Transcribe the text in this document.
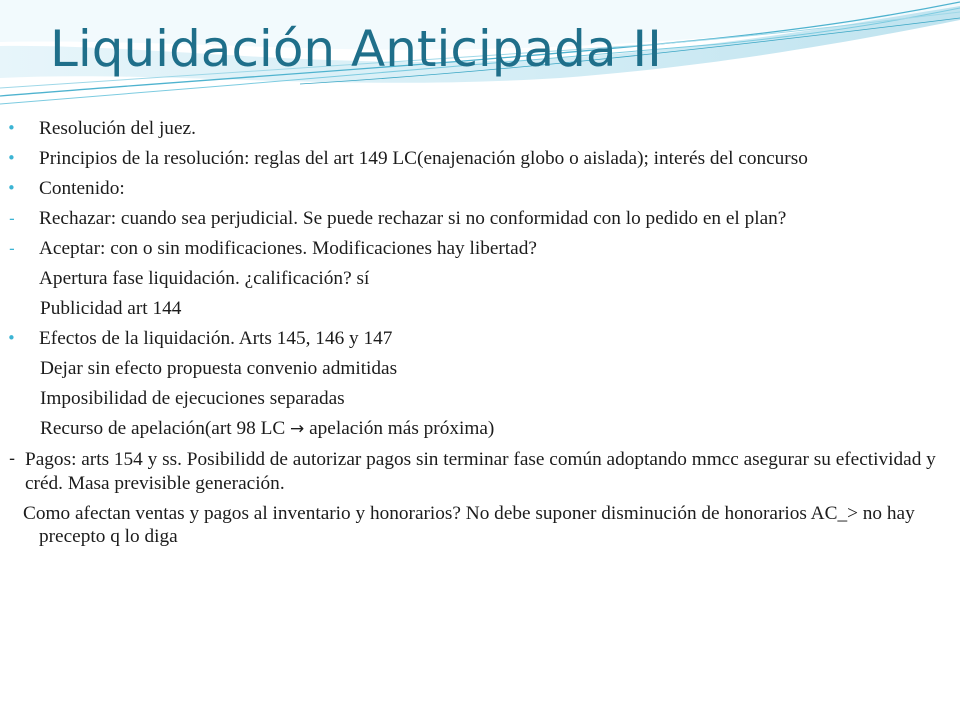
Liquidación Anticipada II
•	Resolución del juez.
•	Principios de la resolución: reglas del art 149 LC(enajenación globo o aislada); interés del concurso
•	Contenido:
-	Rechazar: cuando sea perjudicial. Se puede rechazar si no conformidad con lo pedido en el plan?
-	Aceptar: con o sin modificaciones. Modificaciones hay libertad?
Apertura fase liquidación. ¿calificación? sí
Publicidad art 144
•	Efectos de la liquidación. Arts 145, 146 y 147
Dejar sin efecto propuesta convenio admitidas
Imposibilidad de ejecuciones separadas
Recurso de apelación(art 98 LC → apelación más próxima)
- Pagos: arts 154 y ss. Posibilidd de autorizar pagos sin terminar fase común adoptando mmcc asegurar su efectividad y créd. Masa previsible generación.
Como afectan ventas y pagos al inventario y honorarios? No debe suponer disminución de honorarios AC_> no hay precepto q lo diga
